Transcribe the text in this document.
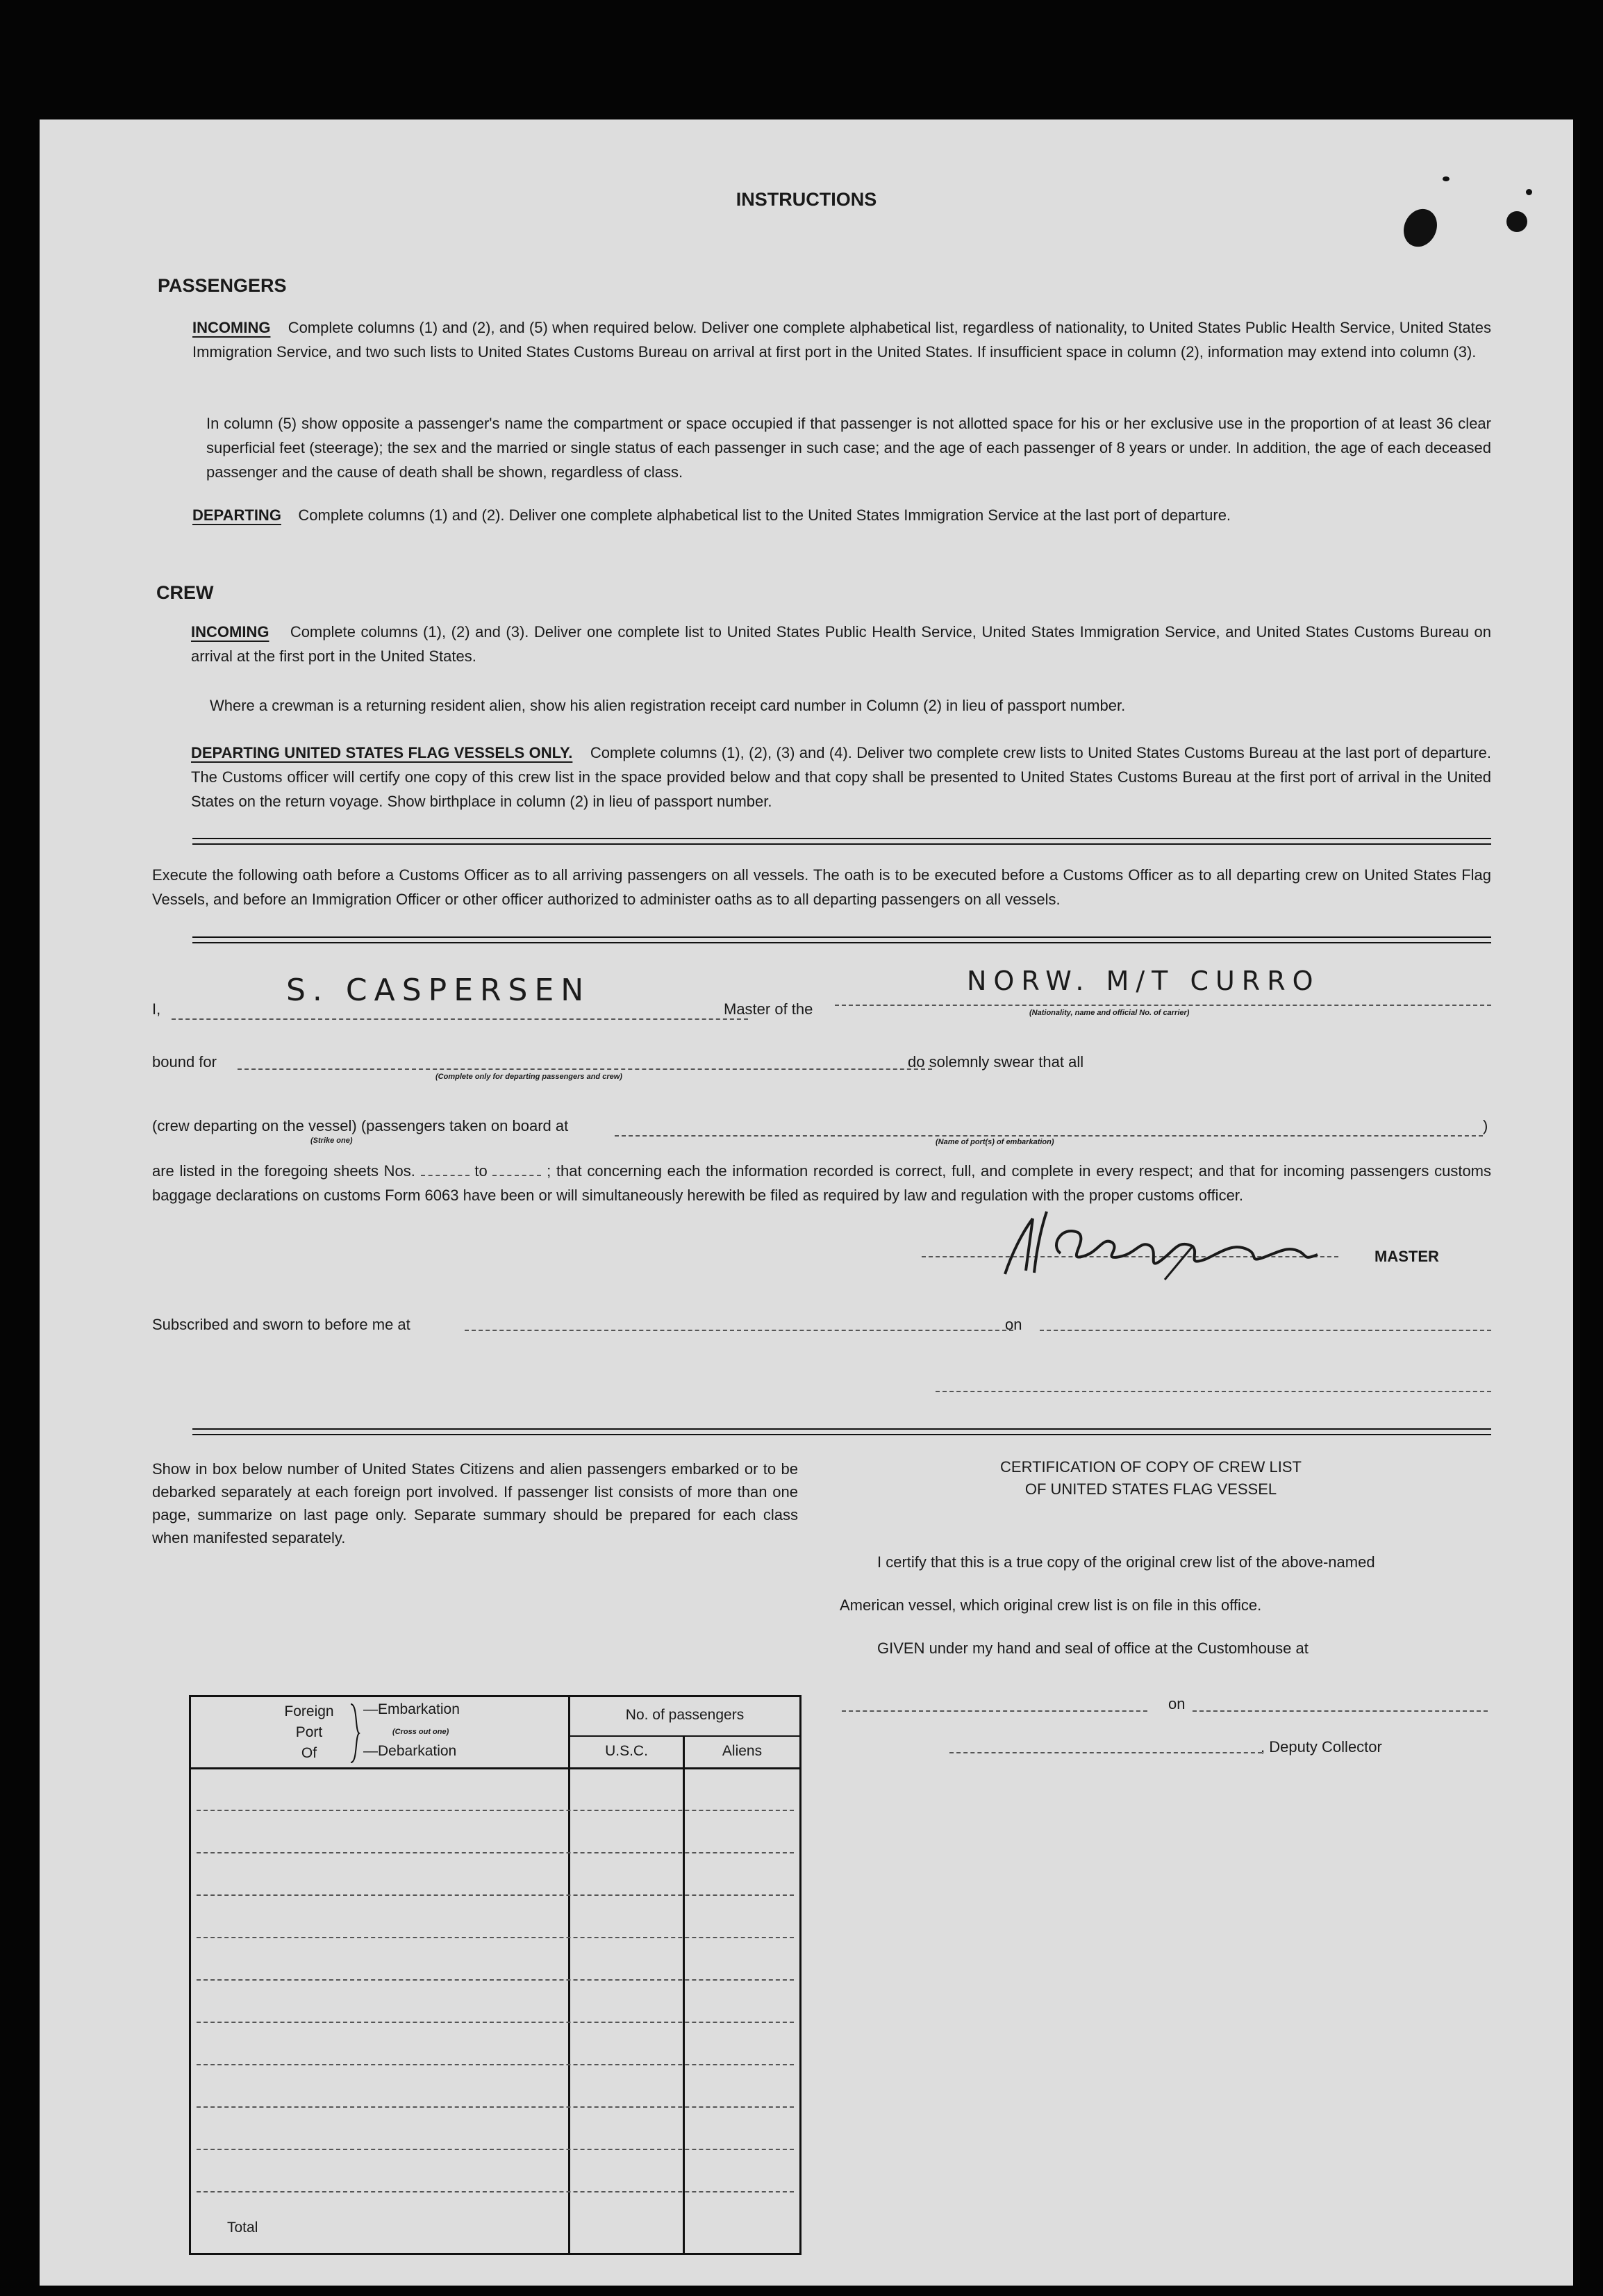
INSTRUCTIONS
PASSENGERS
INCOMING Complete columns (1) and (2), and (5) when required below. Deliver one complete alphabetical list, regardless of nationality, to United States Public Health Service, United States Immigration Service, and two such lists to United States Customs Bureau on arrival at first port in the United States. If insufficient space in column (2), information may extend into column (3).
In column (5) show opposite a passenger's name the compartment or space occupied if that passenger is not allotted space for his or her exclusive use in the proportion of at least 36 clear superficial feet (steerage); the sex and the married or single status of each passenger in such case; and the age of each passenger of 8 years or under. In addition, the age of each deceased passenger and the cause of death shall be shown, regardless of class.
DEPARTING Complete columns (1) and (2). Deliver one complete alphabetical list to the United States Immigration Service at the last port of departure.
CREW
INCOMING Complete columns (1), (2) and (3). Deliver one complete list to United States Public Health Service, United States Immigration Service, and United States Customs Bureau on arrival at the first port in the United States.
Where a crewman is a returning resident alien, show his alien registration receipt card number in Column (2) in lieu of passport number.
DEPARTING UNITED STATES FLAG VESSELS ONLY. Complete columns (1), (2), (3) and (4). Deliver two complete crew lists to United States Customs Bureau at the last port of departure. The Customs officer will certify one copy of this crew list in the space provided below and that copy shall be presented to United States Customs Bureau at the first port of arrival in the United States on the return voyage. Show birthplace in column (2) in lieu of passport number.
Execute the following oath before a Customs Officer as to all arriving passengers on all vessels. The oath is to be executed before a Customs Officer as to all departing crew on United States Flag Vessels, and before an Immigration Officer or other officer authorized to administer oaths as to all departing passengers on all vessels.
I,
S. CASPERSEN
Master of the
NORW. M/T CURRO
(Nationality, name and official No. of carrier)
bound for
(Complete only for departing passengers and crew)
do solemnly swear that all
(crew departing on the vessel) (passengers taken on board at
(Strike one)	(Name of port(s) of embarkation)
)
are listed in the foregoing sheets Nos.	to	; that concerning each the information recorded is correct, full, and complete in every respect; and that for incoming passengers customs baggage declarations on customs Form 6063 have been or will simultaneously herewith be filed as required by law and regulation with the proper customs officer.
MASTER
Subscribed and sworn to before me at	on
Show in box below number of United States Citizens and alien passengers embarked or to be debarked separately at each foreign port involved. If passenger list consists of more than one page, summarize on last page only. Separate summary should be prepared for each class when manifested separately.
Foreign
Port
Of
—Embarkation
(Cross out one)
—Debarkation
No. of passengers
U.S.C.	Aliens
Total
CERTIFICATION OF COPY OF CREW LIST
OF UNITED STATES FLAG VESSEL
I certify that this is a true copy of the original crew list of the above-named
American vessel, which original crew list is on file in this office.
GIVEN under my hand and seal of office at the Customhouse at
on
, Deputy Collector
